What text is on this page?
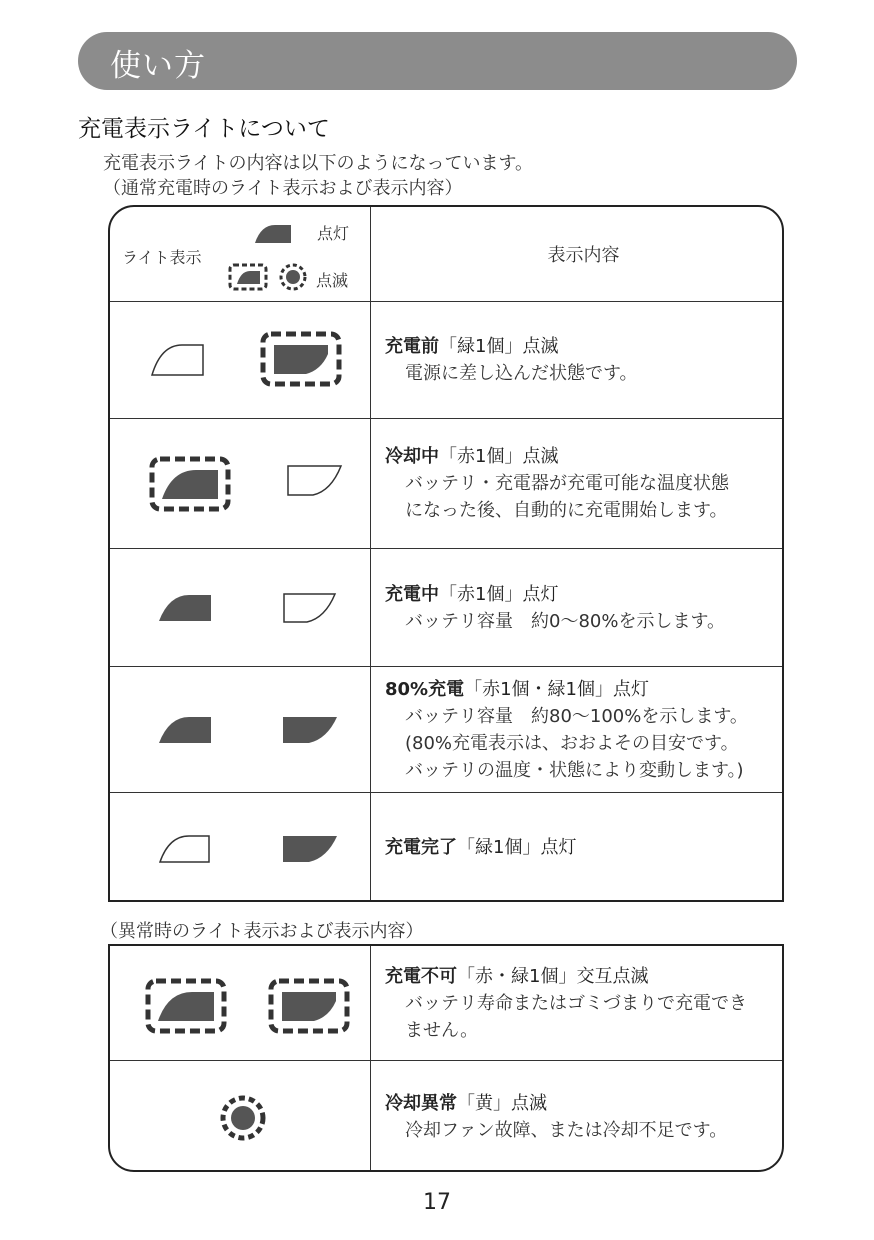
使い方
充電表示ライトについて
充電表示ライトの内容は以下のようになっています。
（通常充電時のライト表示および表示内容）
ライト表示
点灯
点滅
表示内容
充電前「緑1個」点滅
電源に差し込んだ状態です。
冷却中「赤1個」点滅
バッテリ・充電器が充電可能な温度状態
になった後、自動的に充電開始します。
充電中「赤1個」点灯
バッテリ容量　約0～80%を示します。
80%充電「赤1個・緑1個」点灯
バッテリ容量　約80～100%を示します。
(80%充電表示は、おおよその目安です。
バッテリの温度・状態により変動します。)
充電完了「緑1個」点灯
（異常時のライト表示および表示内容）
充電不可「赤・緑1個」交互点滅
バッテリ寿命またはゴミづまりで充電でき
ません。
冷却異常「黄」点滅
冷却ファン故障、または冷却不足です。
17
